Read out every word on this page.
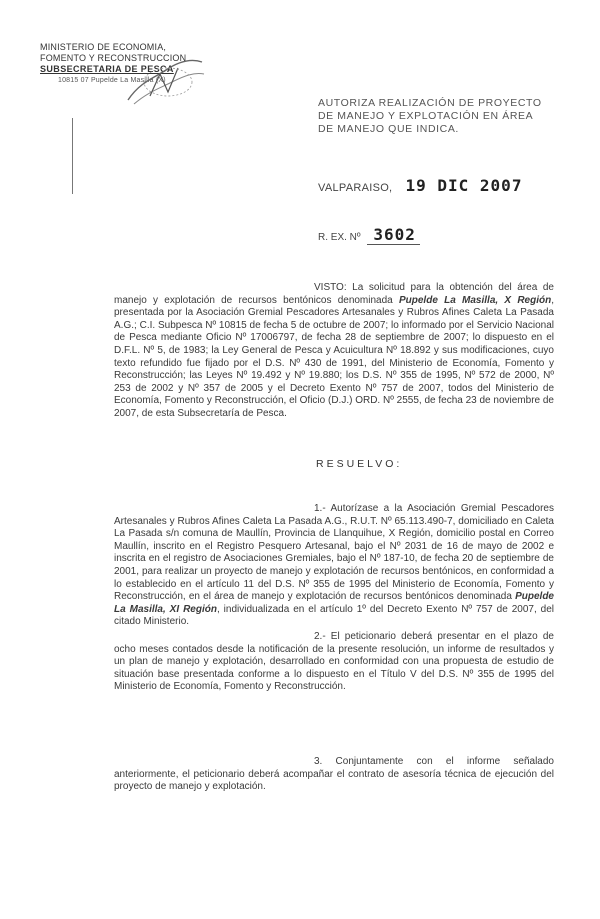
MINISTERIO DE ECONOMIA,
FOMENTO Y RECONSTRUCCION
SUBSECRETARIA DE PESCA
10815 07 Pupelde La Masilla (X)
AUTORIZA REALIZACIÓN DE PROYECTO DE MANEJO Y EXPLOTACIÓN EN ÁREA DE MANEJO QUE INDICA.
VALPARAISO, 19 DIC 2007
R. EX. Nº 3602
VISTO: La solicitud para la obtención del área de manejo y explotación de recursos bentónicos denominada Pupelde La Masilla, X Región, presentada por la Asociación Gremial Pescadores Artesanales y Rubros Afines Caleta La Pasada A.G.; C.I. Subpesca Nº 10815 de fecha 5 de octubre de 2007; lo informado por el Servicio Nacional de Pesca mediante Oficio Nº 17006797, de fecha 28 de septiembre de 2007; lo dispuesto en el D.F.L. Nº 5, de 1983; la Ley General de Pesca y Acuicultura Nº 18.892 y sus modificaciones, cuyo texto refundido fue fijado por el D.S. Nº 430 de 1991, del Ministerio de Economía, Fomento y Reconstrucción; las Leyes Nº 19.492 y Nº 19.880; los D.S. Nº 355 de 1995, Nº 572 de 2000, Nº 253 de 2002 y Nº 357 de 2005 y el Decreto Exento Nº 757 de 2007, todos del Ministerio de Economía, Fomento y Reconstrucción, el Oficio (D.J.) ORD. Nº 2555, de fecha 23 de noviembre de 2007, de esta Subsecretaría de Pesca.
RESUELVO:
1.- Autorízase a la Asociación Gremial Pescadores Artesanales y Rubros Afines Caleta La Pasada A.G., R.U.T. Nº 65.113.490-7, domiciliado en Caleta La Pasada s/n comuna de Maullín, Provincia de Llanquihue, X Región, domicilio postal en Correo Maullín, inscrito en el Registro Pesquero Artesanal, bajo el Nº 2031 de 16 de mayo de 2002 e inscrita en el registro de Asociaciones Gremiales, bajo el Nº 187-10, de fecha 20 de septiembre de 2001, para realizar un proyecto de manejo y explotación de recursos bentónicos, en conformidad a lo establecido en el artículo 11 del D.S. Nº 355 de 1995 del Ministerio de Economía, Fomento y Reconstrucción, en el área de manejo y explotación de recursos bentónicos denominada Pupelde La Masilla, XI Región, individualizada en el artículo 1º del Decreto Exento Nº 757 de 2007, del citado Ministerio.
2.- El peticionario deberá presentar en el plazo de ocho meses contados desde la notificación de la presente resolución, un informe de resultados y un plan de manejo y explotación, desarrollado en conformidad con una propuesta de estudio de situación base presentada conforme a lo dispuesto en el Título V del D.S. Nº 355 de 1995 del Ministerio de Economía, Fomento y Reconstrucción.
3. Conjuntamente con el informe señalado anteriormente, el peticionario deberá acompañar el contrato de asesoría técnica de ejecución del proyecto de manejo y explotación.
